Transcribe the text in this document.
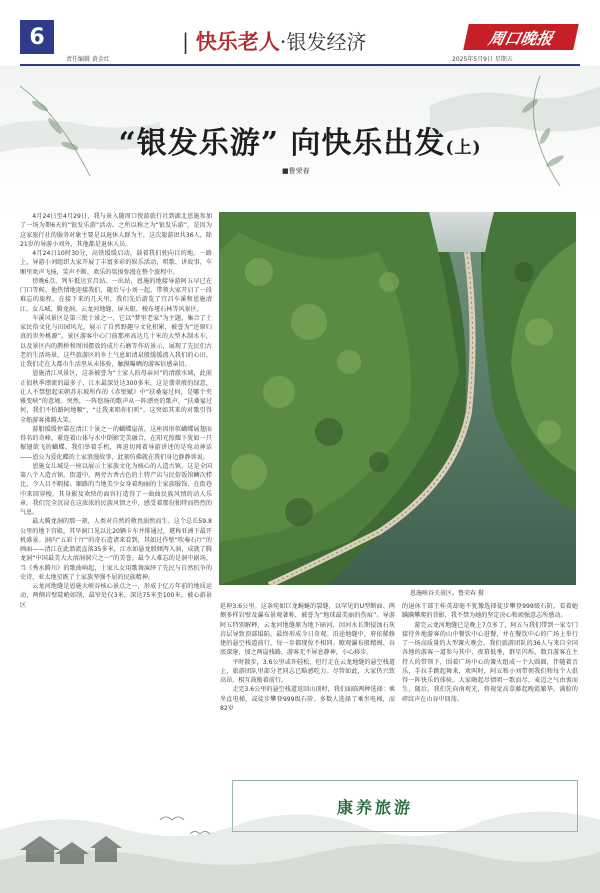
6
责任编辑 黄金红
| 快乐老人·银发经济	周口晚报
2025年5月9日 星期五
“银发乐游” 向快乐出发(上)
■鲁荣春
恩施峡谷关景区。鲁荣春 摄

4月24日至4月29日，我与景入随周口悦游旅行社到湖北恩施参加了一场为期6天的“银发乐游”活动。之所以称之为“银发乐游”，是因为这家旅行社的服务对象主要是以退休人群为主，这次旅游团共36人，除21岁的导游小刘外，其他都是退休人员。

4月24日10时30分，高铁缓缓启动，载着我们驶向目的地。一路上，导游小刘组织大家开展了丰富多彩的娱乐活动，唱歌、讲故事，车厢里欢声飞扬，笑声不断，欢乐的氛围弥漫在整个旅程中。

傍晚6点，列车抵达宜昌站。一出站，恩施的地接导游阿五早已在门口等候。他热情地迎接我们，随后与小刘一起，带领大家开启了一段难忘的旅程。在接下来的几天里，我们先后游览了宜昌车溪和恩施清江、女儿城、腾龙洞、云龙河地缝、屏天眼、梭布垭石林等风景区。

车溪风景区是第三批十景之一，它以“梦里老家”为主题，集合了土家民俗文化与田园风光，展示了自然野趣与文化积累，被誉为“还原归真的世外桃源”。景区游客中心门前那座高达几十米的大型木制水车，以及景区内的鹊桥和周围摆放的成片石磨等作坊景示，展现了先民们古老的生活场景，这些旅游区的乡土气息如清泉般缓缓流入我们的心田，让我们走在大都市生活里从未体验，触摸曝晒的游客倍感亲切。

恩施清江风景区，这条被誉为“土家人的母亲河”的清澈水域，此前正值秋季漂流的最多子，江水最深处达300多米，这是翡翠般的绿意，让人不禁想起宋朝苏东坡所作的《赤壁赋》中“扶桑宴过何，是哪个夹雅变峡”的意境。突然，一阵悠扬的歌声从一阵漂亮的歌声，“扶桑宴过何，我们不怕路阿地顺”，“让我来唱你们听”。这突如其来的对歌引得全船游客沸腾大笑。

游船缓缓停靠在清江十景之一的蝴蝶崖前，这座因形似蝴蝶展翅而得名的奇峰，紧连着山体与水中倒影完美融合，在阳光照耀下犹如一只振翅欲飞的蝴蝶。我们举着手机，再迫切闯着导游讲述的是宛动神话——恩公为爱化蝶的土家浪漫故事，此刻仿佛就在我们身边静静诉说。

恩施女儿城是一座以展示土家族文化为核心的人造古镇。这是全国第八个人造古镇。街道中，两旁古香古色的土特产店与民俗饭馆鳞次栉比，令人目不暇接。顺路的当地美少女身着绚丽的土家族服饰，在街巷中来回穿梭，其身影及欢快的面容打造得了一曲曲民族风情的动人乐章。我们完全沉浸在这浓浓的民族风情之中，感受着那份独特而热烈的气息。

最大腾龙洞的那一刻，人类对自然的敬畏油然而生。这个总长59.8公里的地下宫殿，其旱洞口见以让20辆卡车并排通过，堪称亚洲下最开机盛景。洞内“五彩十厅”的奇石造诸来看到，其如过作壁“吹奏石厅”的画面——清江在此潜流直落35多米，江水如悬龙般倾泻入洞，成就了腾龙洞“中国最美大大溶洞洞穴之一”的美誉。最令人难忘的是洞中剧场，当《秀水腾川》的歌曲响起，土家儿女用歌舞演绎了先民与自然抗争的史诗，亚太地星既了土家族坚强不屈的民族精神。

云龙河地缝是恩施大峡谷核心景点之一，形成于亿万年前的地质运动，两侧岩壁陡峭如削，最窄处仅3米，深达75米至100米，被心游景区	延伸3.6公里。这条宛如巨龙蜿蜒的裂缝，以罕见的U型断面、两侧多样岩壁及瀑布景观著称，被誉为“地球最美丽的伤痕”。导游阿五特别解释，云龙河地缝原为地下暗河，因河水长期侵蚀石灰岩层导致顶部塌陷，最终形成今日奇观。沿途地缝中，府依稀修建的悬空栈道前行，每一步都现惊不相同。瞭观瀑布般精姆、谷底深邃，加之两崖栈路，游客无不屏息静神，小心移步。

平时散步，3.6公里或许轻松，但行走在云龙地缝的悬空栈道上，旅游团队里部分老同志已略感吃力。尽管如此，大家仍兴致高昂，相互鼓励着前行。

走完3.6公里的悬空栈道返回山顶时，我们面临两种选择：乘坐直电梯，或徒步攀登999级石阶。多数人选择了乘坐电梯，而82岁

的退休干部王桂英却毫不犹豫选择徒步攀登999级石阶。看着她蹒蹒攀爬的背影，我不禁为她的坚定决心和顽强意志所感动。

游完云龙河地缝已是晚上7点多了，阿五与我们带到一家专门接待外地游客的山中餐饮中心进餐，并在餐饮中心的广场上举行了一场高质量的大型篝火晚会。我们旅游团队的36人与来自全国各地的游客一道参与其中，夜幕低垂，群星闪烁，数百游客在主持人的带领下，围着广场中心的篝火组成一个大圆圈，伴随着音乐，手拉手跳起舞来，欢叫时，阿五和小刘带领我们和每个人俱得一阵快乐的体验。大家嗨起尽情唱一歌而尽，麦迈之气由衷而生，随后，我们先向南观光，将视觉高草藤起晚霞繁华，满脸的碎纹声在山谷中回荡。

康养旅游
